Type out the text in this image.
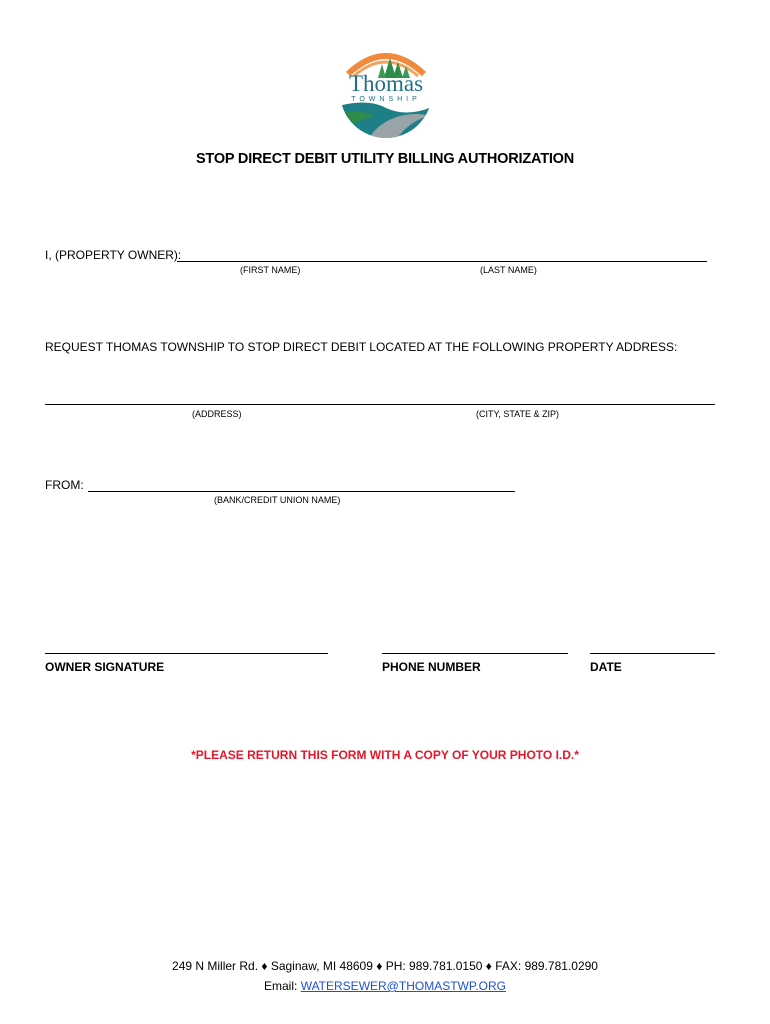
Thomas
TOWNSHIP
STOP DIRECT DEBIT UTILITY BILLING AUTHORIZATION
I, (PROPERTY OWNER):
(FIRST NAME)	(LAST NAME)
REQUEST THOMAS TOWNSHIP TO STOP DIRECT DEBIT LOCATED AT THE FOLLOWING PROPERTY ADDRESS:
(ADDRESS)	(CITY, STATE & ZIP)
FROM:
(BANK/CREDIT UNION NAME)
OWNER SIGNATURE	PHONE NUMBER	DATE
*PLEASE RETURN THIS FORM WITH A COPY OF YOUR PHOTO I.D.*
249 N Miller Rd. ♦ Saginaw, MI 48609 ♦ PH: 989.781.0150 ♦ FAX: 989.781.0290
Email: WATERSEWER@THOMASTWP.ORG
